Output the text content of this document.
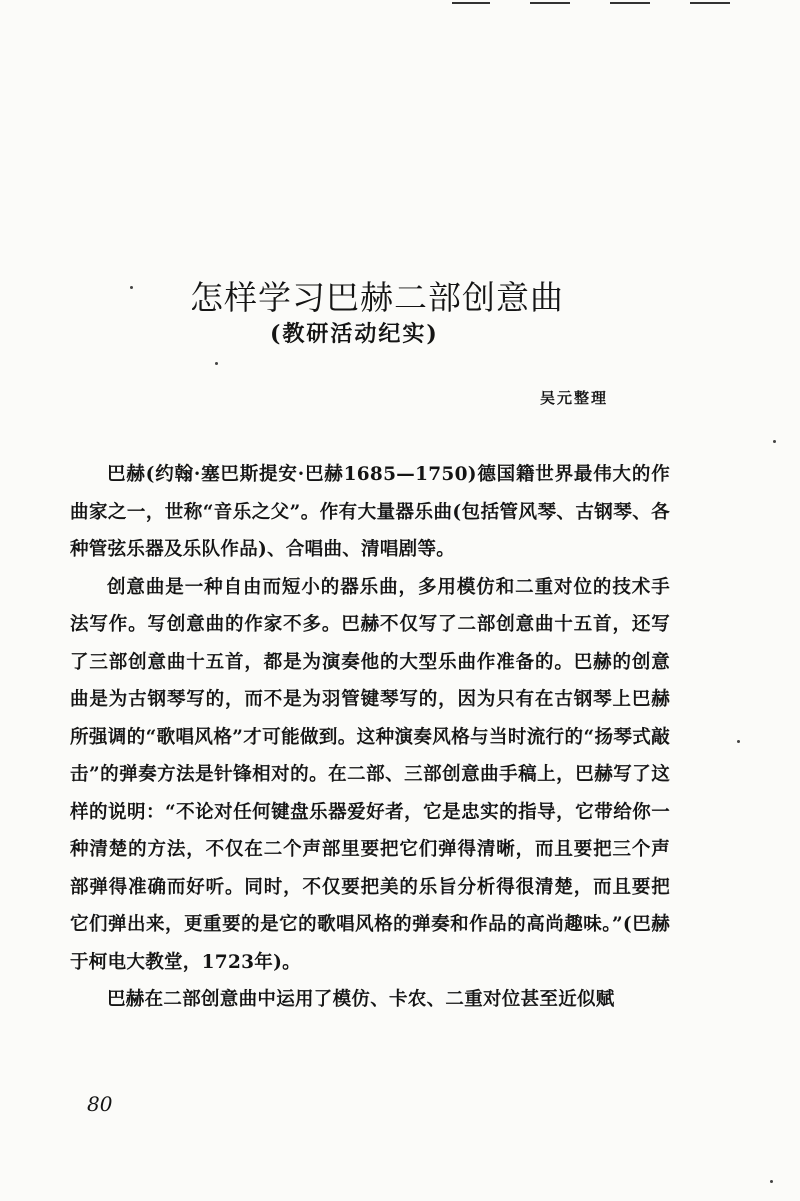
怎样学习巴赫二部创意曲
(教研活动纪实)
吴元整理

巴赫(约翰·塞巴斯提安·巴赫1685—1750)德国籍世界最伟大的作曲家之一，世称“音乐之父”。作有大量器乐曲(包括管风琴、古钢琴、各种管弦乐器及乐队作品)、合唱曲、清唱剧等。

创意曲是一种自由而短小的器乐曲，多用模仿和二重对位的技术手法写作。写创意曲的作家不多。巴赫不仅写了二部创意曲十五首，还写了三部创意曲十五首，都是为演奏他的大型乐曲作准备的。巴赫的创意曲是为古钢琴写的，而不是为羽管键琴写的，因为只有在古钢琴上巴赫所强调的“歌唱风格”才可能做到。这种演奏风格与当时流行的“扬琴式敲击”的弹奏方法是针锋相对的。在二部、三部创意曲手稿上，巴赫写了这样的说明：“不论对任何键盘乐器爱好者，它是忠实的指导，它带给你一种清楚的方法，不仅在二个声部里要把它们弹得清晰，而且要把三个声部弹得准确而好听。同时，不仅要把美的乐旨分析得很清楚，而且要把它们弹出来，更重要的是它的歌唱风格的弹奏和作品的高尚趣味。”(巴赫于柯电大教堂，1723年)。

巴赫在二部创意曲中运用了模仿、卡农、二重对位甚至近似赋

80
